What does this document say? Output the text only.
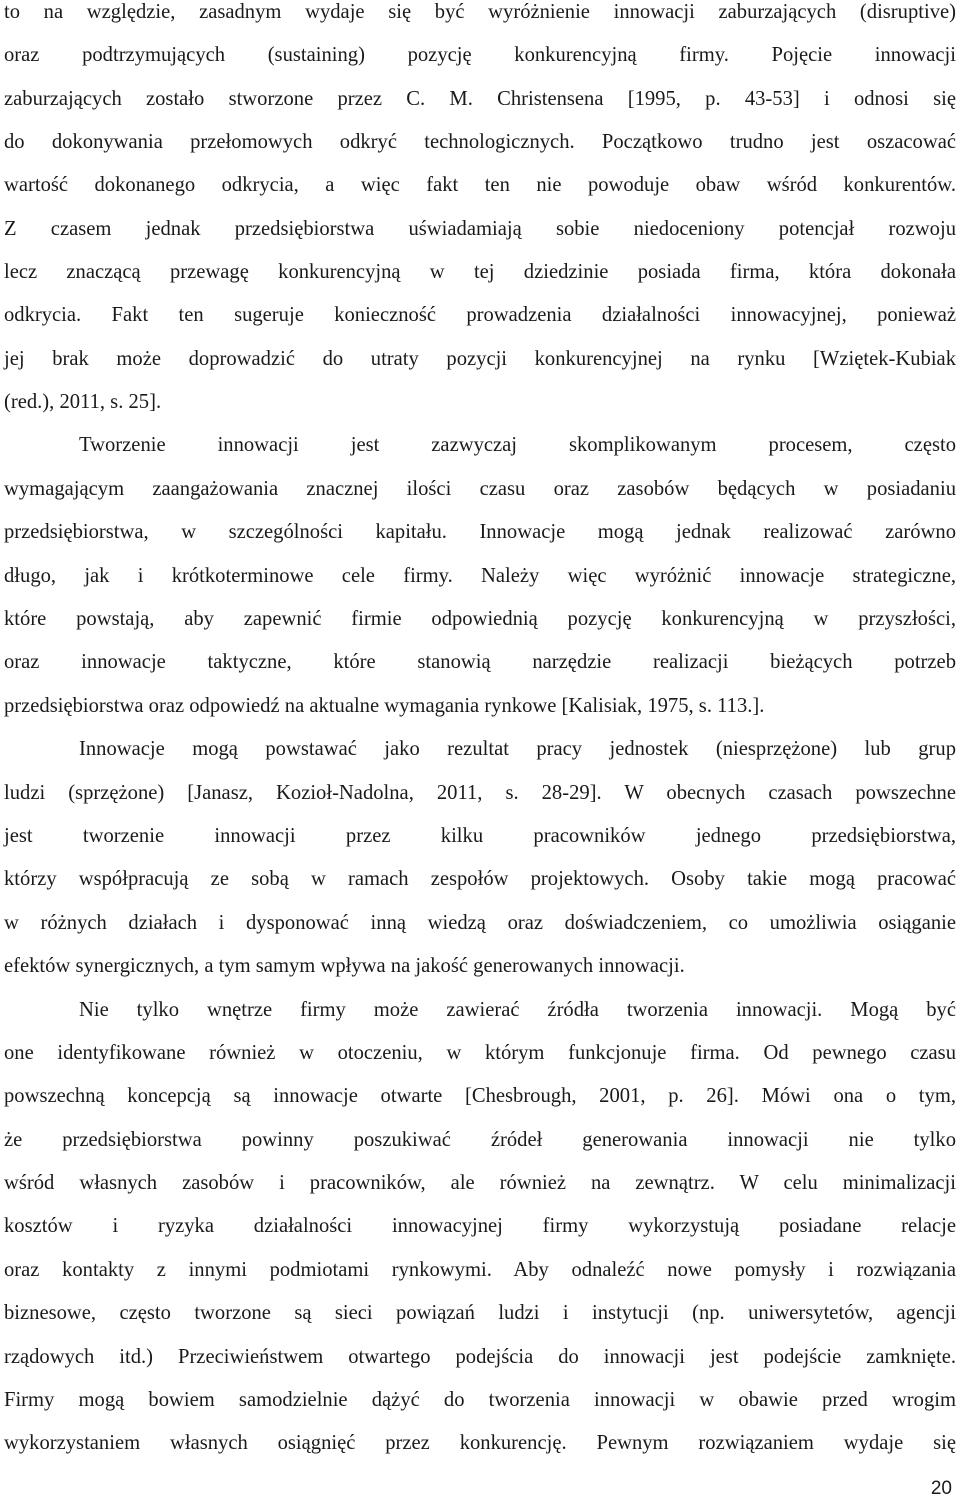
to na względzie, zasadnym wydaje się być wyróżnienie innowacji zaburzających (disruptive)
oraz podtrzymujących (sustaining) pozycję konkurencyjną firmy. Pojęcie innowacji
zaburzających zostało stworzone przez C. M. Christensena [1995, p. 43-53] i odnosi się
do dokonywania przełomowych odkryć technologicznych. Początkowo trudno jest oszacować
wartość dokonanego odkrycia, a więc fakt ten nie powoduje obaw wśród konkurentów.
Z czasem jednak przedsiębiorstwa uświadamiają sobie niedoceniony potencjał rozwoju
lecz znaczącą przewagę konkurencyjną w tej dziedzinie posiada firma, która dokonała
odkrycia. Fakt ten sugeruje konieczność prowadzenia działalności innowacyjnej, ponieważ
jej brak może doprowadzić do utraty pozycji konkurencyjnej na rynku [Wziętek-Kubiak
(red.), 2011, s. 25].
Tworzenie innowacji jest zazwyczaj skomplikowanym procesem, często
wymagającym zaangażowania znacznej ilości czasu oraz zasobów będących w posiadaniu
przedsiębiorstwa, w szczególności kapitału. Innowacje mogą jednak realizować zarówno
długo, jak i krótkoterminowe cele firmy. Należy więc wyróżnić innowacje strategiczne,
które powstają, aby zapewnić firmie odpowiednią pozycję konkurencyjną w przyszłości,
oraz innowacje taktyczne, które stanowią narzędzie realizacji bieżących potrzeb
przedsiębiorstwa oraz odpowiedź na aktualne wymagania rynkowe [Kalisiak, 1975, s. 113.].
Innowacje mogą powstawać jako rezultat pracy jednostek (niesprzężone) lub grup
ludzi (sprzężone) [Janasz, Kozioł-Nadolna, 2011, s. 28-29]. W obecnych czasach powszechne
jest tworzenie innowacji przez kilku pracowników jednego przedsiębiorstwa,
którzy współpracują ze sobą w ramach zespołów projektowych. Osoby takie mogą pracować
w różnych działach i dysponować inną wiedzą oraz doświadczeniem, co umożliwia osiąganie
efektów synergicznych, a tym samym wpływa na jakość generowanych innowacji.
Nie tylko wnętrze firmy może zawierać źródła tworzenia innowacji. Mogą być
one identyfikowane również w otoczeniu, w którym funkcjonuje firma. Od pewnego czasu
powszechną koncepcją są innowacje otwarte [Chesbrough, 2001, p. 26]. Mówi ona o tym,
że przedsiębiorstwa powinny poszukiwać źródeł generowania innowacji nie tylko
wśród własnych zasobów i pracowników, ale również na zewnątrz. W celu minimalizacji
kosztów i ryzyka działalności innowacyjnej firmy wykorzystują posiadane relacje
oraz kontakty z innymi podmiotami rynkowymi. Aby odnaleźć nowe pomysły i rozwiązania
biznesowe, często tworzone są sieci powiązań ludzi i instytucji (np. uniwersytetów, agencji
rządowych itd.) Przeciwieństwem otwartego podejścia do innowacji jest podejście zamknięte.
Firmy mogą bowiem samodzielnie dążyć do tworzenia innowacji w obawie przed wrogim
wykorzystaniem własnych osiągnięć przez konkurencję. Pewnym rozwiązaniem wydaje się
20
